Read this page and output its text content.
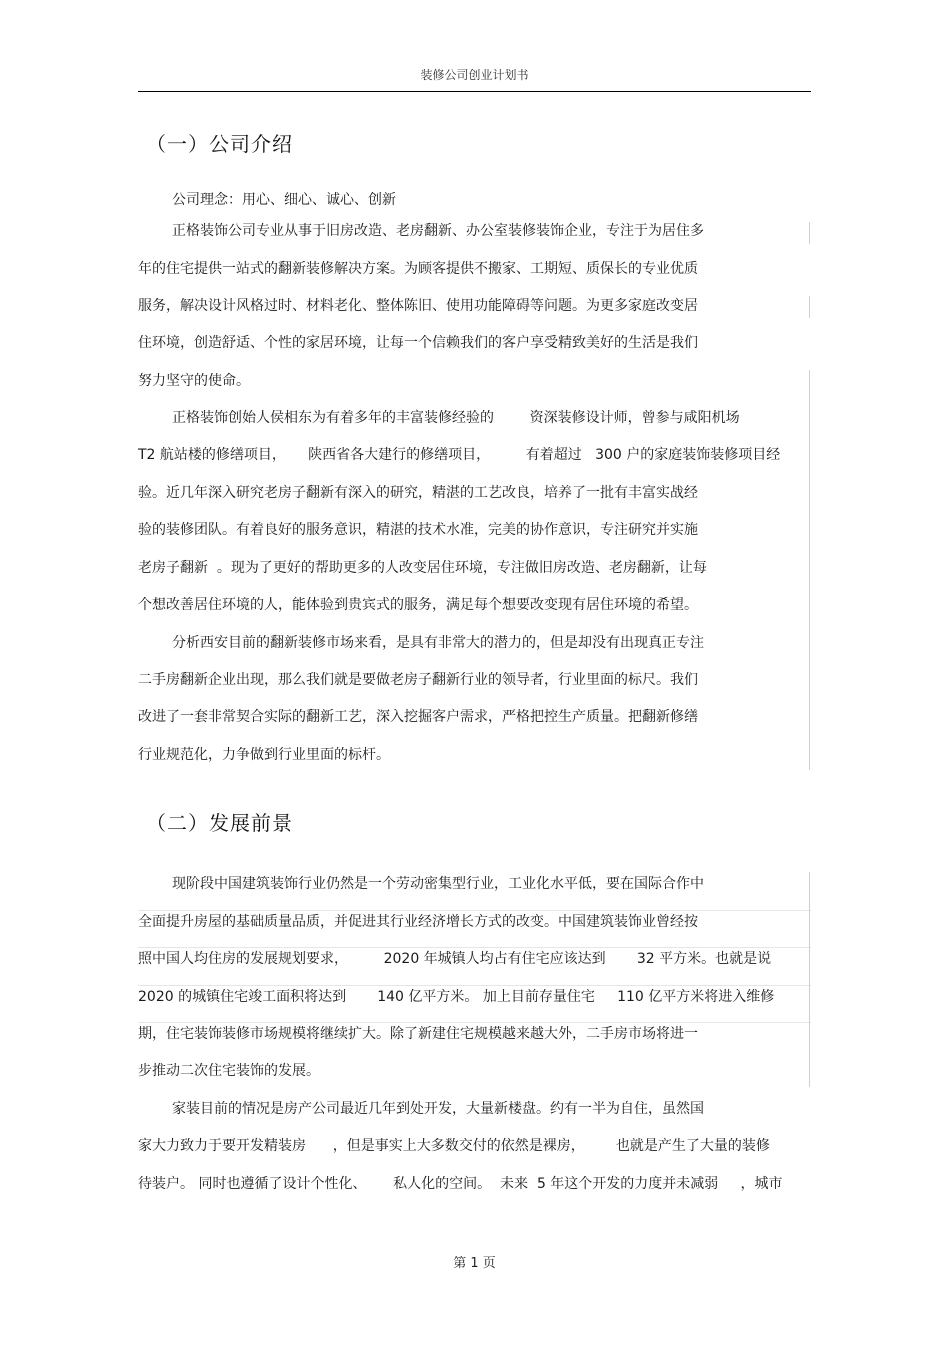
装修公司创业计划书
（一）公司介绍
公司理念：用心、细心、诚心、创新
正格装饰公司专业从事于旧房改造、老房翻新、办公室装修装饰企业，专注于为居住多
年的住宅提供一站式的翻新装修解决方案。为顾客提供不搬家、工期短、质保长的专业优质
服务，解决设计风格过时、材料老化、整体陈旧、使用功能障碍等问题。为更多家庭改变居
住环境，创造舒适、个性的家居环境，让每一个信赖我们的客户享受精致美好的生活是我们
努力坚守的使命。
正格装饰创始人侯相东为有着多年的丰富装修经验的        资深装修设计师，曾参与咸阳机场
T2 航站楼的修缮项目，     陕西省各大建行的修缮项目，        有着超过   300 户的家庭装饰装修项目经
验。近几年深入研究老房子翻新有深入的研究，精湛的工艺改良，培养了一批有丰富实战经
验的装修团队。有着良好的服务意识，精湛的技术水准，完美的协作意识，专注研究并实施
老房子翻新  。现为了更好的帮助更多的人改变居住环境，专注做旧房改造、老房翻新，让每
个想改善居住环境的人，能体验到贵宾式的服务，满足每个想要改变现有居住环境的希望。
分析西安目前的翻新装修市场来看，是具有非常大的潜力的，但是却没有出现真正专注
二手房翻新企业出现，那么我们就是要做老房子翻新行业的领导者，行业里面的标尺。我们
改进了一套非常契合实际的翻新工艺，深入挖掘客户需求，严格把控生产质量。把翻新修缮
行业规范化，力争做到行业里面的标杆。
（二）发展前景
现阶段中国建筑装饰行业仍然是一个劳动密集型行业，工业化水平低，要在国际合作中
全面提升房屋的基础质量品质，并促进其行业经济增长方式的改变。中国建筑装饰业曾经按
照中国人均住房的发展规划要求，        2020 年城镇人均占有住宅应该达到       32 平方米。也就是说
2020 的城镇住宅竣工面积将达到       140 亿平方米。 加上目前存量住宅     110 亿平方米将进入维修
期，住宅装饰装修市场规模将继续扩大。除了新建住宅规模越来越大外，二手房市场将进一
步推动二次住宅装饰的发展。
家装目前的情况是房产公司最近几年到处开发，大量新楼盘。约有一半为自住，虽然国
家大力致力于要开发精装房      ，但是事实上大多数交付的依然是裸房，       也就是产生了大量的装修
待装户。 同时也遵循了设计个性化、      私人化的空间。  未来  5 年这个开发的力度并未减弱     ，城市
第 1 页
